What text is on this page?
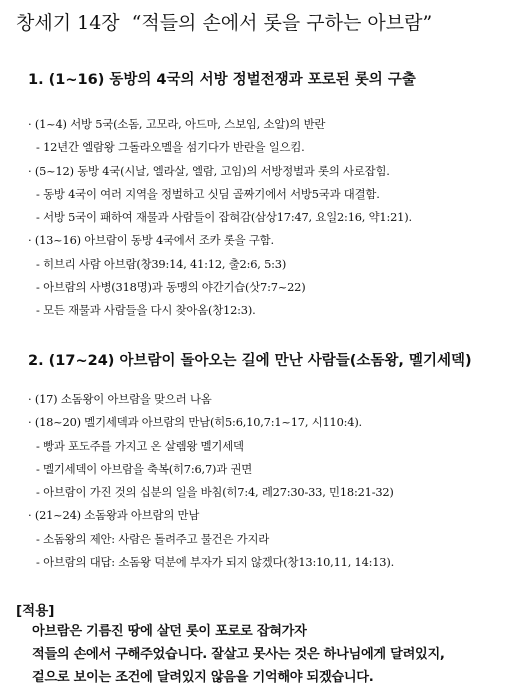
창세기 14장 “적들의 손에서 롯을 구하는 아브람”
1. (1~16) 동방의 4국의 서방 정벌전쟁과 포로된 롯의 구출
· (1~4) 서방 5국(소돔, 고모라, 아드마, 스보임, 소알)의 반란
- 12년간 엘람왕 그돌라오멜을 섬기다가 반란을 일으킴.
· (5~12) 동방 4국(시날, 엘라살, 엘람, 고임)의 서방정벌과 롯의 사로잡힘.
- 동방 4국이 여러 지역을 정벌하고 싯딤 골짜기에서 서방5국과 대결함.
- 서방 5국이 패하여 재물과 사람들이 잡혀감(삼상17:47, 요일2:16, 약1:21).
· (13~16) 아브람이 동방 4국에서 조카 롯을 구함.
- 히브리 사람 아브람(창39:14, 41:12, 출2:6, 5:3)
- 아브람의 사병(318명)과 동맹의 야간기습(삿7:7~22)
- 모든 재물과 사람들을 다시 찾아옴(창12:3).
2. (17~24) 아브람이 돌아오는 길에 만난 사람들(소돔왕, 멜기세덱)
· (17) 소돔왕이 아브람을 맞으러 나옴
· (18~20) 멜기세덱과 아브람의 만남(히5:6,10,7:1~17, 시110:4).
- 빵과 포도주를 가지고 온 살렘왕 멜기세덱
- 멜기세덱이 아브람을 축복(히7:6,7)과 권면
- 아브람이 가진 것의 십분의 일을 바침(히7:4, 레27:30-33, 민18:21-32)
· (21~24) 소돔왕과 아브람의 만남
- 소돔왕의 제안: 사람은 돌려주고 물건은 가지라
- 아브람의 대답: 소돔왕 덕분에 부자가 되지 않겠다(창13:10,11, 14:13).
[적용]
아브람은 기름진 땅에 살던 롯이 포로로 잡혀가자
적들의 손에서 구해주었습니다. 잘살고 못사는 것은 하나님에게 달려있지,
겉으로 보이는 조건에 달려있지 않음을 기억해야 되겠습니다.
